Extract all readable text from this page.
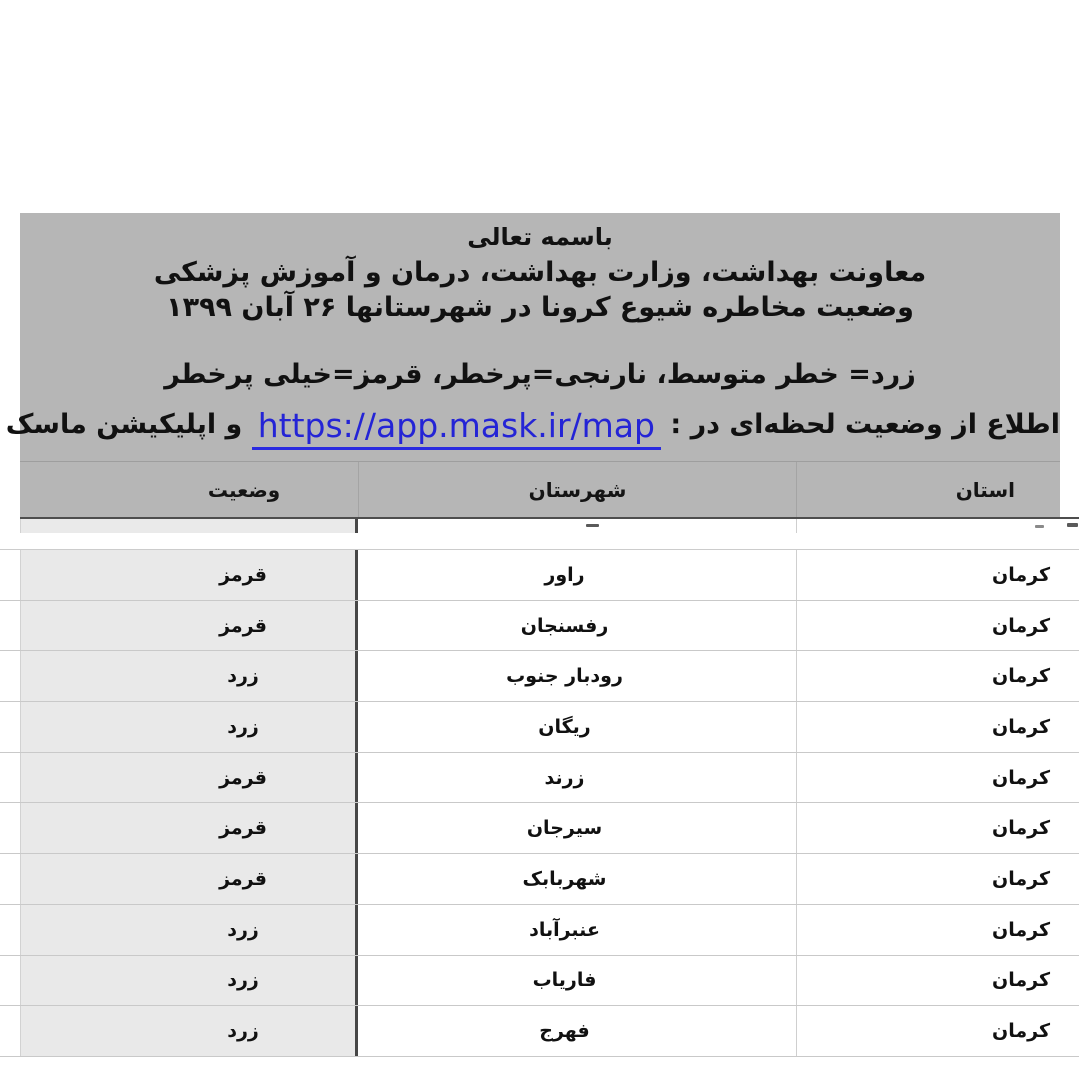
باسمه تعالی
معاونت بهداشت، وزارت بهداشت، درمان و آموزش پزشکی
وضعیت مخاطره شیوع کرونا در شهرستانها ۲۶ آبان ۱۳۹۹
زرد= خطر متوسط، نارنجی=پرخطر، قرمز=خیلی پرخطر
اطلاع از وضعیت لحظه‌ای در : https://app.mask.ir/map و اپلیکیشن ماسک
وضعیت	شهرستان	استان
قرمز	راور	کرمان
قرمز	رفسنجان	کرمان
زرد	رودبار جنوب	کرمان
زرد	ریگان	کرمان
قرمز	زرند	کرمان
قرمز	سیرجان	کرمان
قرمز	شهربابک	کرمان
زرد	عنبرآباد	کرمان
زرد	فاریاب	کرمان
زرد	فهرج	کرمان
